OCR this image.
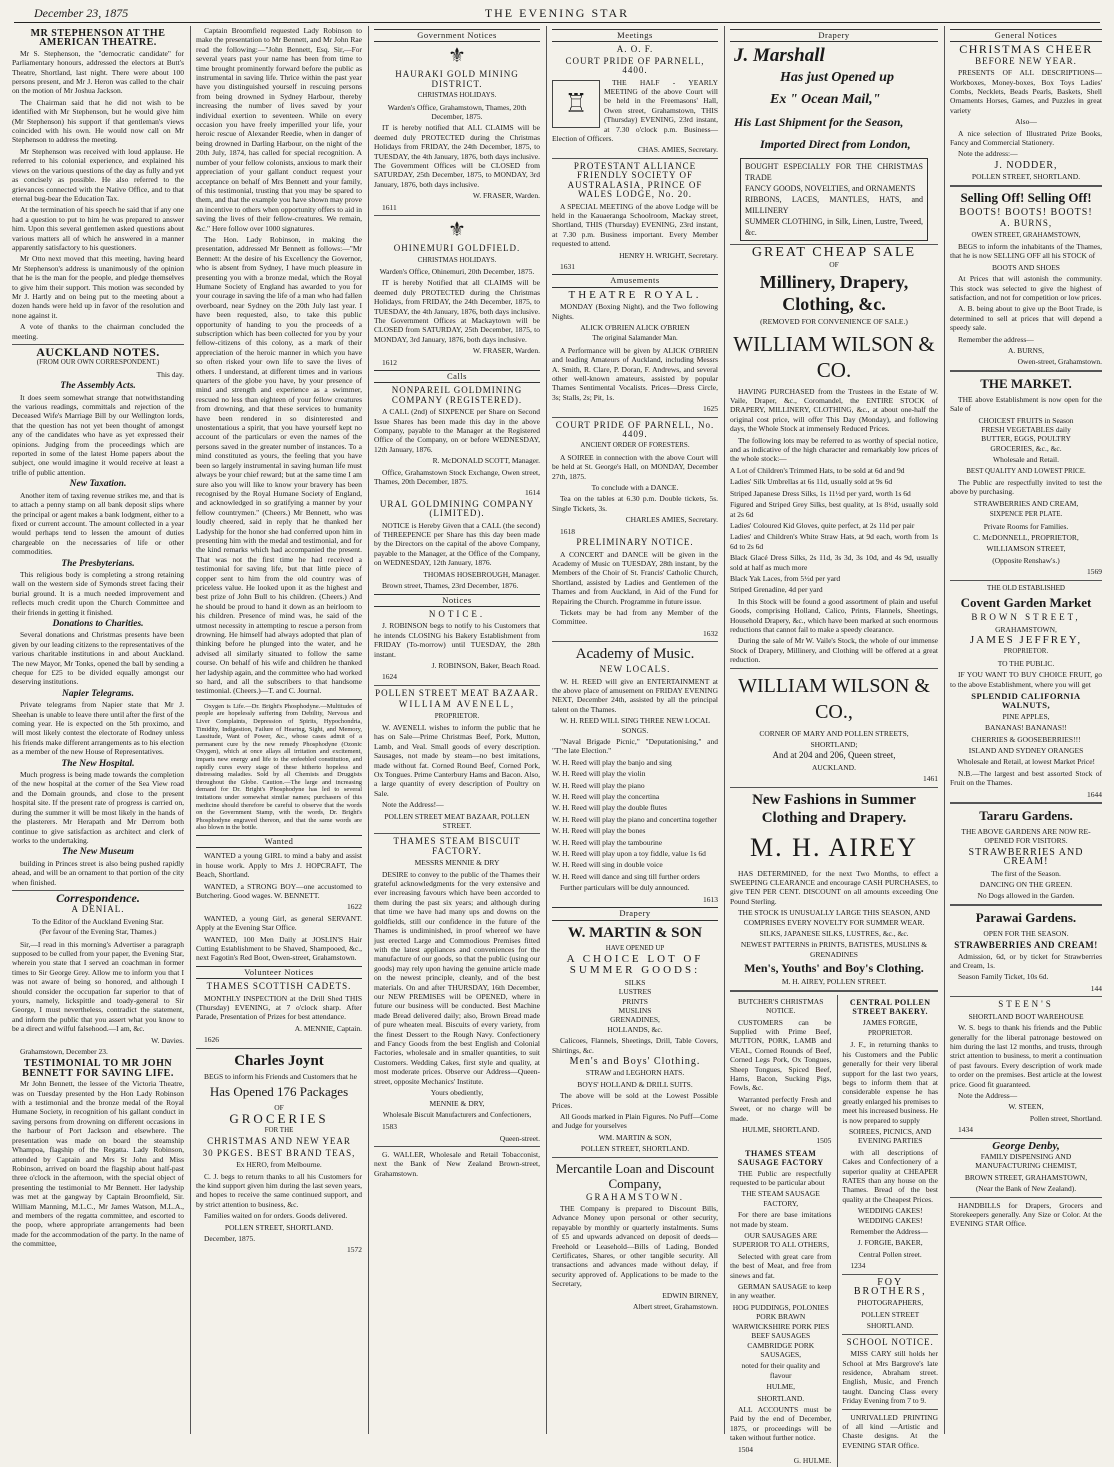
December 23, 1875	THE EVENING STAR
MR STEPHENSON AT THE AMERICAN THEATRE.

Mr S. Stephenson, the "democratic candidate" for Parliamentary honours, addressed the electors at Butt's Theatre, Shortland, last night. There were about 100 persons present, and Mr J. Heron was called to the chair on the motion of Mr Joshua Jackson.

The Chairman said that he did not wish to be identified with Mr Stephenson, but he would give him (Mr Stephenson) his support if that gentleman's views coincided with his own. He would now call on Mr Stephenson to address the meeting.

Mr Stephenson was received with loud applause. He referred to his colonial experience, and explained his views on the various questions of the day as fully and yet as concisely as possible. He also referred to the grievances connected with the Native Office, and to that eternal bug-bear the Education Tax.

At the termination of his speech he said that if any one had a question to put to him he was prepared to answer him. Upon this several gentlemen asked questions about various matters all of which he answered in a manner apparently satisfactory to his questioners.

Mr Otto next moved that this meeting, having heard Mr Stephenson's address is unanimously of the opinion that he is the man for the people, and pledge themselves to give him their support. This motion was seconded by Mr J. Hartly and on being put to the meeting about a dozen hands were held up in favor of the resolution and none against it.

A vote of thanks to the chairman concluded the meeting.

AUCKLAND NOTES.

(FROM OUR OWN CORRESPONDENT.)

This day.

The Assembly Acts.

It does seem somewhat strange that notwithstanding the various readings, committals and rejection of the Deceased Wife's Marriage Bill by our Wellington lords, that the question has not yet been thought of amongst any of the candidates who have as yet expressed their opinions. Judging from the proceedings which are reported in some of the latest Home papers about the subject, one would imagine it would receive at least a trifle of public attention.

New Taxation.

Another item of taxing revenue strikes me, and that is to attach a penny stamp on all bank deposit slips where the principal or agent makes a bank lodgment, either to a fixed or current account. The amount collected in a year would perhaps tend to lessen the amount of duties chargeable on the necessaries of life or other commodities.

The Presbyterians.

This religious body is completing a strong retaining wall on the western side of Symonds street facing their burial ground. It is a much needed improvement and reflects much credit upon the Church Committee and their friends in getting it finished.

Donations to Charities.

Several donations and Christmas presents have been given by our leading citizens to the representatives of the various charitable institutions in and about Auckland. The new Mayor, Mr Tonks, opened the ball by sending a cheque for £25 to be divided equally amongst our deserving institutions.

Napier Telegrams.

Private telegrams from Napier state that Mr J. Sheehan is unable to leave there until after the first of the coming year. He is expected on the 5th proximo, and will most likely contest the electorate of Rodney unless his friends make different arrangements as to his election as a member of the new House of Representatives.

The New Hospital.

Much progress is being made towards the completion of the new hospital at the corner of the Sea View road and the Domain grounds, and close to the present hospital site. If the present rate of progress is carried on, during the summer it will be most likely in the hands of the plasterers. Mr Herapath and Mr Derrom both continue to give satisfaction as architect and clerk of works to the undertaking.

The New Museum

building in Princes street is also being pushed rapidly ahead, and will be an ornament to that portion of the city when finished.

Correspondence.
A DENIAL.

To the Editor of the Auckland Evening Star.

(Per favour of the Evening Star, Thames.)

Sir,—I read in this morning's Advertiser a paragraph supposed to be culled from your paper, the Evening Star, wherein you state that I served an coachman in former times to Sir George Grey. Allow me to inform you that I was not aware of being so honored, and although I should consider the occupation far superior to that of yours, namely, lickspittle and toady-general to Sir George, I must nevertheless, contradict the statement, and inform the public that you assert what you know to be a direct and wilful falsehood.—I am, &c.

W. Davies.

Grahamstown, December 23.

TESTIMONIAL TO MR JOHN BENNETT FOR SAVING LIFE.

Mr John Bennett, the lessee of the Victoria Theatre, was on Tuesday presented by the Hon Lady Robinson with a testimonial and the bronze medal of the Royal Humane Society, in recognition of his gallant conduct in saving persons from drowning on different occasions in the harbour of Port Jackson and elsewhere. The presentation was made on board the steamship Whampoa, flagship of the Regatta. Lady Robinson, attended by Captain and Mrs St John and Miss Robinson, arrived on board the flagship about half-past three o'clock in the afternoon, with the special object of presenting the testimonial to Mr Bennett. Her ladyship was met at the gangway by Captain Broomfield, Sir. William Manning, M.L.C., Mr James Watson, M.L.A., and members of the regatta committee, and escorted to the poop, where appropriate arrangements had been made for the accommodation of the party. In the name of the committee,

Captain Broomfield requested Lady Robinson to make the presentation to Mr Bennett, and Mr John Rae read the following:—"John Bennett, Esq. Sir,—For several years past your name has been from time to time brought prominently forward before the public as instrumental in saving life. Thrice within the past year have you distinguished yourself in rescuing persons from being drowned in Sydney Harbour, thereby increasing the number of lives saved by your individual exertion to seventeen. While on every occasion you have freely imperilled your life, your heroic rescue of Alexander Reedie, when in danger of being drowned in Darling Harbour, on the night of the 20th July, 1874, has called for special recognition. A number of your fellow colonists, anxious to mark their appreciation of your gallant conduct request your acceptance on behalf of Mrs Bennett and your family, of this testimonial, trusting that you may be spared to them, and that the example you have shown may prove an incentive to others when opportunity offers to aid in saving the lives of their fellow-creatures. We remain, &c." Here follow over 1000 signatures.

The Hon. Lady Robinson, in making the presentation, addressed Mr Bennett as follows:—"Mr Bennett: At the desire of his Excellency the Governor, who is absent from Sydney, I have much pleasure in presenting you with a bronze medal, which the Royal Humane Society of England has awarded to you for your courage in saving the life of a man who had fallen overboard, near Sydney on the 20th July last year. I have been requested, also, to take this public opportunity of handing to you the proceeds of a subscription which has been collected for you by your fellow-citizens of this colony, as a mark of their appreciation of the heroic manner in which you have so often risked your own life to save the lives of others. I understand, at different times and in various quarters of the globe you have, by your presence of mind and strength and experience as a swimmer, rescued no less than eighteen of your fellow creatures from drowning, and that these services to humanity have been rendered in so disinterested and unostentatious a spirit, that you have yourself kept no account of the particulars or even the names of the persons saved in the greater number of instances. To a mind constituted as yours, the feeling that you have been so largely instrumental in saving human life must always be your chief reward; but at the same time I am sure also you will like to know your bravery has been recognised by the Royal Humane Society of England, and acknowledged in so gratifying a manner by your fellow countrymen." (Cheers.) Mr Bennett, who was loudly cheered, said in reply that he thanked her Ladyship for the honor she had conferred upon him in presenting him with the medal and testimonial, and for the kind remarks which had accompanied the present. That was not the first time he had received a testimonial for saving life, but that little piece of copper sent to him from the old country was of priceless value. He looked upon it as the highest and best prize of John Bull to his children. (Cheers.) And he should be proud to hand it down as an heirloom to his children. Presence of mind was, he said of the utmost necessity in attempting to rescue a person from drowning. He himself had always adopted that plan of thinking before he plunged into the water, and he advised all similarly situated to follow the same course. On behalf of his wife and children he thanked her ladyship again, and the committee who had worked so hard, and all the subscribers to that handsome testimonial. (Cheers.)—T. and C. Journal.

Oxygen is Life.—Dr. Bright's Phosphodyne.—Multitudes of people are hopelessly suffering from Debility, Nervous and Liver Complaints, Depression of Spirits, Hypochondria, Timidity, Indigestion, Failure of Hearing, Sight, and Memory, Lassitude, Want of Power, &c., whose cases admit of a permanent cure by the new remedy Phosphodyne (Ozonic Oxygen), which at once allays all irritation and excitement, imparts new energy and life to the enfeebled constitution, and rapidly cures every stage of these hitherto hopeless and distressing maladies. Sold by all Chemists and Druggists throughout the Globe. Caution.—The large and increasing demand for Dr. Bright's Phosphodyne has led to several imitations under somewhat similar names; purchasers of this medicine should therefore be careful to observe that the words on the Government Stamp, with the words, Dr. Bright's Phosphodyne engraved thereon, and that the same words are also blown in the bottle.

Wanted

WANTED a young GIRL to mind a baby and assist in house work. Apply to Mrs J. HOPCRAFT, The Beach, Shortland.

WANTED, a STRONG BOY—one accustomed to Butchering. Good wages. W. BENNETT.

1622

WANTED, a young Girl, as general SERVANT. Apply at the Evening Star Office.

WANTED, 100 Men Daily at JOSLIN'S Hair Cutting Establishment to be Shaved, Shampooed, &c., next Fagotin's Red Boot, Owen-street, Grahamstown.

Volunteer Notices
THAMES SCOTTISH CADETS.

MONTHLY INSPECTION at the Drill Shed THIS (Thursday) EVENING, at 7 o'clock sharp. After Parade, Presentation of Prizes for best attendance.

A. MENNIE, Captain.

1626

Charles Joynt

BEGS to inform his Friends and Customers that he

Has Opened 176 Packages

OF

GROCERIES

FOR THE

CHRISTMAS AND NEW YEAR
30 PKGES. BEST BRAND TEAS,

Ex HERO, from Melbourne.

C. J. begs to return thanks to all his Customers for the kind support given him during the last seven years, and hopes to receive the same continued support, and by strict attention to business, &c.

Families waited on for orders. Goods delivered.

POLLEN STREET, SHORTLAND.

December, 1875.

1572

Government Notices
⚜
HAURAKI GOLD MINING DISTRICT.

CHRISTMAS HOLIDAYS.

Warden's Office, Grahamstown, Thames, 20th December, 1875.

IT is hereby notified that ALL CLAIMS will be deemed duly PROTECTED during the Christmas Holidays from FRIDAY, the 24th December, 1875, to TUESDAY, the 4th January, 1876, both days inclusive. The Government Offices will be CLOSED from SATURDAY, 25th December, 1875, to MONDAY, 3rd January, 1876, both days inclusive.

W. FRASER, Warden.

1611

⚜
OHINEMURI GOLDFIELD.

CHRISTMAS HOLIDAYS.

Warden's Office, Ohinemuri, 20th December, 1875.

IT is hereby Notified that all CLAIMS will be deemed duly PROTECTED during the Christmas Holidays, from FRIDAY, the 24th December, 1875, to TUESDAY, the 4th January, 1876, both days inclusive. The Government Offices at Mackaytown will be CLOSED from SATURDAY, 25th December, 1875, to MONDAY, 3rd January, 1876, both days inclusive.

W. FRASER, Warden.

1612

Calls
NONPAREIL GOLDMINING COMPANY (REGISTERED).

A CALL (2nd) of SIXPENCE per Share on Second Issue Shares has been made this day in the above Company, payable to the Manager at the Registered Office of the Company, on or before WEDNESDAY, 12th January, 1876.

R. McDONALD SCOTT, Manager.

Office, Grahamstown Stock Exchange, Owen street, Thames, 20th December, 1875.

1614

URAL GOLDMINING COMPANY (LIMITED).

NOTICE is Hereby Given that a CALL (the second) of THREEPENCE per Share has this day been made by the Directors on the capital of the above Company, payable to the Manager, at the Office of the Company, on WEDNESDAY, 12th January, 1876.

THOMAS HOSEBROUGH, Manager.

Brown street, Thames, 23rd December, 1876.

Notices
NOTICE.

J. ROBINSON begs to notify to his Customers that he intends CLOSING his Bakery Establishment from FRIDAY (To-morrow) until TUESDAY, the 28th instant.

J. ROBINSON, Baker, Beach Road.

1624

POLLEN STREET MEAT BAZAAR.
WILLIAM AVENELL,

PROPRIETOR.

W. AVENELL wishes to inform the public that he has on Sale—Prime Christmas Beef, Pork, Mutton, Lamb, and Veal. Small goods of every description. Sausages, not made by steam—no best imitations, made without fat. Corned Round Beef, Corned Pork, Ox Tongues. Prime Canterbury Hams and Bacon. Also, a large quantity of every description of Poultry on Sale.

Note the Address!—

POLLEN STREET MEAT BAZAAR, POLLEN STREET.

THAMES STEAM BISCUIT FACTORY.

MESSRS MENNIE & DRY

DESIRE to convey to the public of the Thames their grateful acknowledgments for the very extensive and ever increasing favours which have been accorded to them during the past six years; and although during that time we have had many ups and downs on the goldfields, still our confidence in the future of the Thames is undiminished, in proof whereof we have just erected Large and Commodious Premises fitted with the latest appliances and conveniences for the manufacture of our goods, so that the public (using our goods) may rely upon having the genuine article made on the newest principle, cleanly, and of the best materials. On and after THURSDAY, 16th December, our NEW PREMISES will be OPENED, where in future our business will be conducted. Best Machine made Bread delivered daily; also, Brown Bread made of pure wheaten meal. Biscuits of every variety, from the finest Dessert to the Rough Navy. Confectionery and Fancy Goods from the best English and Colonial Factories, wholesale and in smaller quantities, to suit Customers. Wedding Cakes, first style and quality, at most moderate prices. Observe our Address—Queen-street, opposite Mechanics' Institute.

Yours obediently,

MENNIE & DRY,

Wholesale Biscuit Manufacturers and Confectioners,

1583

Queen-street.

G. WALLER, Wholesale and Retail Tobacconist, next the Bank of New Zealand Brown-street, Grahamstown.

Meetings
A. O. F.
COURT PRIDE OF PARNELL, 4400.
♖

THE HALF - YEARLY MEETING of the above Court will be held in the Freemasons' Hall, Owen street, Grahamstown, THIS (Thursday) EVENING, 23rd instant, at 7.30 o'clock p.m. Business—Election of Officers.

CHAS. AMIES, Secretary.

PROTESTANT ALLIANCE FRIENDLY SOCIETY OF AUSTRALASIA, PRINCE OF WALES LODGE, No. 20.

A SPECIAL MEETING of the above Lodge will be held in the Kauaeranga Schoolroom, Mackay street, Shortland, THIS (Thursday) EVENING, 23rd instant, at 7.30 p.m. Business important. Every Member requested to attend.

HENRY H. WRIGHT, Secretary.

1631

Amusements
THEATRE ROYAL.

MONDAY (Boxing Night), and the Two following Nights.

ALICK O'BRIEN ALICK O'BRIEN

The original Salamander Man.

A Performance will be given by ALICK O'BRIEN and leading Amateurs of Auckland, including Messrs A. Smith, R. Clare, P. Doran, F. Andrews, and several other well-known amateurs, assisted by popular Thames Sentimental Vocalists. Prices—Dress Circle, 3s; Stalls, 2s; Pit, 1s.

1625

COURT PRIDE OF PARNELL, No. 4409.

ANCIENT ORDER OF FORESTERS.

A SOIREE in connection with the above Court will be held at St. George's Hall, on MONDAY, December 27th, 1875.

To conclude with a DANCE.

Tea on the tables at 6.30 p.m. Double tickets, 5s. Single Tickets, 3s.

CHARLES AMIES, Secretary.

1618

PRELIMINARY NOTICE.

A CONCERT and DANCE will be given in the Academy of Music on TUESDAY, 28th instant, by the Members of the Choir of St. Francis' Catholic Church, Shortland, assisted by Ladies and Gentlemen of the Thames and from Auckland, in Aid of the Fund for Repairing the Church. Programme in future issue.

Tickets may be had from any Member of the Committee.

1632

Academy of Music.
NEW LOCALS.

W. H. REED will give an ENTERTAINMENT at the above place of amusement on FRIDAY EVENING NEXT, December 24th, assisted by all the principal talent on the Thames.

W. H. REED WILL SING THREE NEW LOCAL SONGS.

"Naval Brigade Picnic," "Deputationising," and "The late Election."

W. H. Reed will play the banjo and sing

W. H. Reed will play the violin

W. H. Reed will play the piano

W. H. Reed will play the concertina

W. H. Reed will play the double flutes

W. H. Reed will play the piano and concertina together

W. H. Reed will play the bones

W. H. Reed will play the tambourine

W. H. Reed will play upon a toy fiddle, value 1s 6d

W. H. Reed will sing in double voice

W. H. Reed will dance and sing till further orders

Further particulars will be duly announced.

1613

Drapery
W. MARTIN & SON

HAVE OPENED UP

A CHOICE LOT OF
SUMMER GOODS:

SILKS
LUSTRES
PRINTS
MUSLINS
GRENADINES,
HOLLANDS, &c.

Calicoes, Flannels, Sheetings, Drill, Table Covers, Shirtings, &c.

Men's and Boys' Clothing.

STRAW and LEGHORN HATS.

BOYS' HOLLAND & DRILL SUITS.

The above will be sold at the Lowest Possible Prices.

All Goods marked in Plain Figures. No Puff—Come and Judge for yourselves

WM. MARTIN & SON,

POLLEN STREET, SHORTLAND.

Mercantile Loan and Discount Company,
GRAHAMSTOWN.

THE Company is prepared to Discount Bills, Advance Money upon personal or other security, repayable by monthly or quarterly instalments. Sums of £5 and upwards advanced on deposit of deeds—Freehold or Leasehold—Bills of Lading, Bonded Certificates, Shares, or other tangible security. All transactions and advances made without delay, if security approved of. Applications to be made to the Secretary,

EDWIN BIRNEY,

Albert street, Grahamstown.

Drapery
J. Marshall
Has just Opened up
Ex " Ocean Mail,"
His Last Shipment for the Season,
Imported Direct from London,
BOUGHT ESPECIALLY FOR THE CHRISTMAS TRADE
FANCY GOODS, NOVELTIES, and ORNAMENTS
RIBBONS, LACES, MANTLES, HATS, and MILLINERY
SUMMER CLOTHING, in Silk, Linen, Lustre, Tweed, &c.
GREAT CHEAP SALE

OF

Millinery, Drapery, Clothing, &c.

(REMOVED FOR CONVENIENCE OF SALE.)

WILLIAM WILSON & CO.

HAVING PURCHASED from the Trustees in the Estate of W. Vaile, Draper, &c., Coromandel, the ENTIRE STOCK of DRAPERY, MILLINERY, CLOTHING, &c., at about one-half the original cost price, will offer This Day (Monday), and following days, the Whole Stock at immensely Reduced Prices.

The following lots may be referred to as worthy of special notice, and as indicative of the high character and remarkably low prices of the whole stock:—

A Lot of Children's Trimmed Hats, to be sold at 6d and 9d

Ladies' Silk Umbrellas at 6s 11d, usually sold at 9s 6d

Striped Japanese Dress Silks, 1s 11½d per yard, worth 1s 6d

Figured and Striped Grey Silks, best quality, at 1s 8½d, usually sold at 2s 6d

Ladies' Coloured Kid Gloves, quite perfect, at 2s 11d per pair

Ladies' and Children's White Straw Hats, at 9d each, worth from 1s 6d to 2s 6d

Black Glacé Dress Silks, 2s 11d, 3s 3d, 3s 10d, and 4s 9d, usually sold at half as much more

Black Yak Laces, from 5½d per yard

Striped Grenadine, 4d per yard

In this Stock will be found a good assortment of plain and useful Goods, comprising Holland, Calico, Prints, Flannels, Sheetings, Household Drapery, &c., which have been marked at such enormous reductions that cannot fail to make a speedy clearance.

During the sale of Mr W. Vaile's Stock, the whole of our immense Stock of Drapery, Millinery, and Clothing will be offered at a great reduction.

WILLIAM WILSON & CO.,

CORNER OF MARY AND POLLEN STREETS,

SHORTLAND;

And at 204 and 206, Queen street,

AUCKLAND.

1461

New Fashions in Summer Clothing and Drapery.
M. H. AIREY

HAS DETERMINED, for the next Two Months, to effect a SWEEPING CLEARANCE and encourage CASH PURCHASES, to give TEN PER CENT. DISCOUNT on all amounts exceeding One Pound Sterling.

THE STOCK IS UNUSUALLY LARGE THIS SEASON, AND COMPRISES EVERY NOVELTY FOR SUMMER WEAR.

SILKS, JAPANESE SILKS, LUSTRES, &c., &c.

NEWEST PATTERNS in PRINTS, BATISTES, MUSLINS & GRENADINES

Men's, Youths' and Boy's Clothing.

M. H. AIREY, POLLEN STREET.

BUTCHER'S CHRISTMAS NOTICE.

CUSTOMERS can be Supplied with Prime Beef, MUTTON, PORK, LAMB and VEAL, Corned Rounds of Beef, Corned Legs Pork, Ox Tongues, Sheep Tongues, Spiced Beef, Hams, Bacon, Sucking Pigs, Fowls, &c.

Warranted perfectly Fresh and Sweet, or no charge will be made.

HULME, SHORTLAND.

1505

THAMES STEAM SAUSAGE FACTORY

THE Public are respectfully requested to be particular about

THE STEAM SAUSAGE FACTORY,

For there are base imitations not made by steam.

OUR SAUSAGES ARE SUPERIOR TO ALL OTHERS,

Selected with great care from the best of Meat, and free from sinews and fat.

GERMAN SAUSAGE to keep in any weather.

HOG PUDDINGS, POLONIES
PORK BRAWN
WARWICKSHIRE PORK PIES
BEEF SAUSAGES
CAMBRIDGE PORK SAUSAGES,

noted for their quality and flavour

HULME,

SHORTLAND.

ALL ACCOUNTS must be Paid by the end of December, 1875, or proceedings will be taken without further notice.

1504

G. HULME.

CENTRAL POLLEN STREET BAKERY.

JAMES FORGIE,

PROPRIETOR.

J. F., in returning thanks to his Customers and the Public generally for their very liberal support for the last two years, begs to inform them that at considerable expense he has greatly enlarged his premises to meet his increased business. He is now prepared to supply

SOIREES, PICNICS, AND EVENING PARTIES

with all descriptions of Cakes and Confectionery of a superior quality at CHEAPER RATES than any house on the Thames. Bread of the best quality at the Cheapest Prices.

WEDDING CAKES! WEDDING CAKES!

Remember the Address—

J. FORGIE, BAKER,

Central Pollen street.

1234

FOY BROTHERS,

PHOTOGRAPHERS,

POLLEN STREET

SHORTLAND.

SCHOOL NOTICE.

MISS CARY still holds her School at Mrs Bargrove's late residence, Abraham street. English, Music, and French taught. Dancing Class every Friday Evening from 7 to 9.

UNRIVALLED PRINTING of all kind —Artistic and Chaste designs. At the EVENING STAR Office.

General Notices
CHRISTMAS CHEER
BEFORE NEW YEAR.

PRESENTS OF ALL DESCRIPTIONS— Workboxes, Money-boxes, Box Toys Ladies' Combs, Necklets, Beads Pearls, Baskets, Shell Ornaments Horses, Games, and Puzzles in great variety

Also—

A nice selection of Illustrated Prize Books, Fancy and Commercial Stationery.

Note the address:—

J. NODDER,

POLLEN STREET, SHORTLAND.

Selling Off! Selling Off!
BOOTS! BOOTS! BOOTS!
A. BURNS,

OWEN STREET, GRAHAMSTOWN,

BEGS to inform the inhabitants of the Thames, that he is now SELLING OFF all his STOCK of

BOOTS AND SHOES

At Prices that will astonish the community. This stock was selected to give the highest of satisfaction, and not for competition or low prices.

A. B. being about to give up the Boot Trade, is determined to sell at prices that will depend a speedy sale.

Remember the address—

A. BURNS,

Owen-street, Grahamstown.

THE MARKET.

THE above Establishment is now open for the Sale of

CHOICEST FRUITS in Season
FRESH VEGETABLES daily
BUTTER, EGGS, POULTRY
GROCERIES, &c., &c.

Wholesale and Retail.

BEST QUALITY AND LOWEST PRICE.

The Public are respectfully invited to test the above by purchasing.

STRAWBERRIES AND CREAM,

SIXPENCE PER PLATE.

Private Rooms for Families.

C. McDONNELL, PROPRIETOR,

WILLIAMSON STREET,

(Opposite Renshaw's.)

1569

THE OLD ESTABLISHED

Covent Garden Market
BROWN STREET,

GRAHAMSTOWN,

JAMES JEFFREY,

PROPRIETOR.

TO THE PUBLIC.

IF YOU WANT TO BUY CHOICE FRUIT, go to the above Establishment, where you will get

SPLENDID CALIFORNIA WALNUTS,

PINE APPLES,

BANANAS! BANANAS!!

CHERRIES & GOOSEBERRIES!!!

ISLAND AND SYDNEY ORANGES

Wholesale and Retail, at lowest Market Price!

N.B.—The largest and best assorted Stock of Fruit on the Thames.

1644

Tararu Gardens.

THE ABOVE GARDENS ARE NOW RE-OPENED FOR VISITORS.

STRAWBERRIES AND CREAM!

The first of the Season.

DANCING ON THE GREEN.

No Dogs allowed in the Garden.

Parawai Gardens.

OPEN FOR THE SEASON.

STRAWBERRIES AND CREAM!

Admission, 6d, or by ticket for Strawberries and Cream, 1s.

Season Family Ticket, 10s 6d.

144

STEEN'S

SHORTLAND BOOT WAREHOUSE

W. S. begs to thank his friends and the Public generally for the liberal patronage bestowed on him during the last 12 months, and trusts, through strict attention to business, to merit a continuation of past favours. Every description of work made to order on the premises. Best article at the lowest price. Good fit guaranteed.

Note the Address—

W. STEEN,

Pollen street, Shortland.

1434

George Denby,

FAMILY DISPENSING AND MANUFACTURING CHEMIST,

BROWN STREET, GRAHAMSTOWN,

(Near the Bank of New Zealand).

HANDBILLS for Drapers, Grocers and Storekeepers generally. Any Size or Color. At the EVENING STAR Office.
